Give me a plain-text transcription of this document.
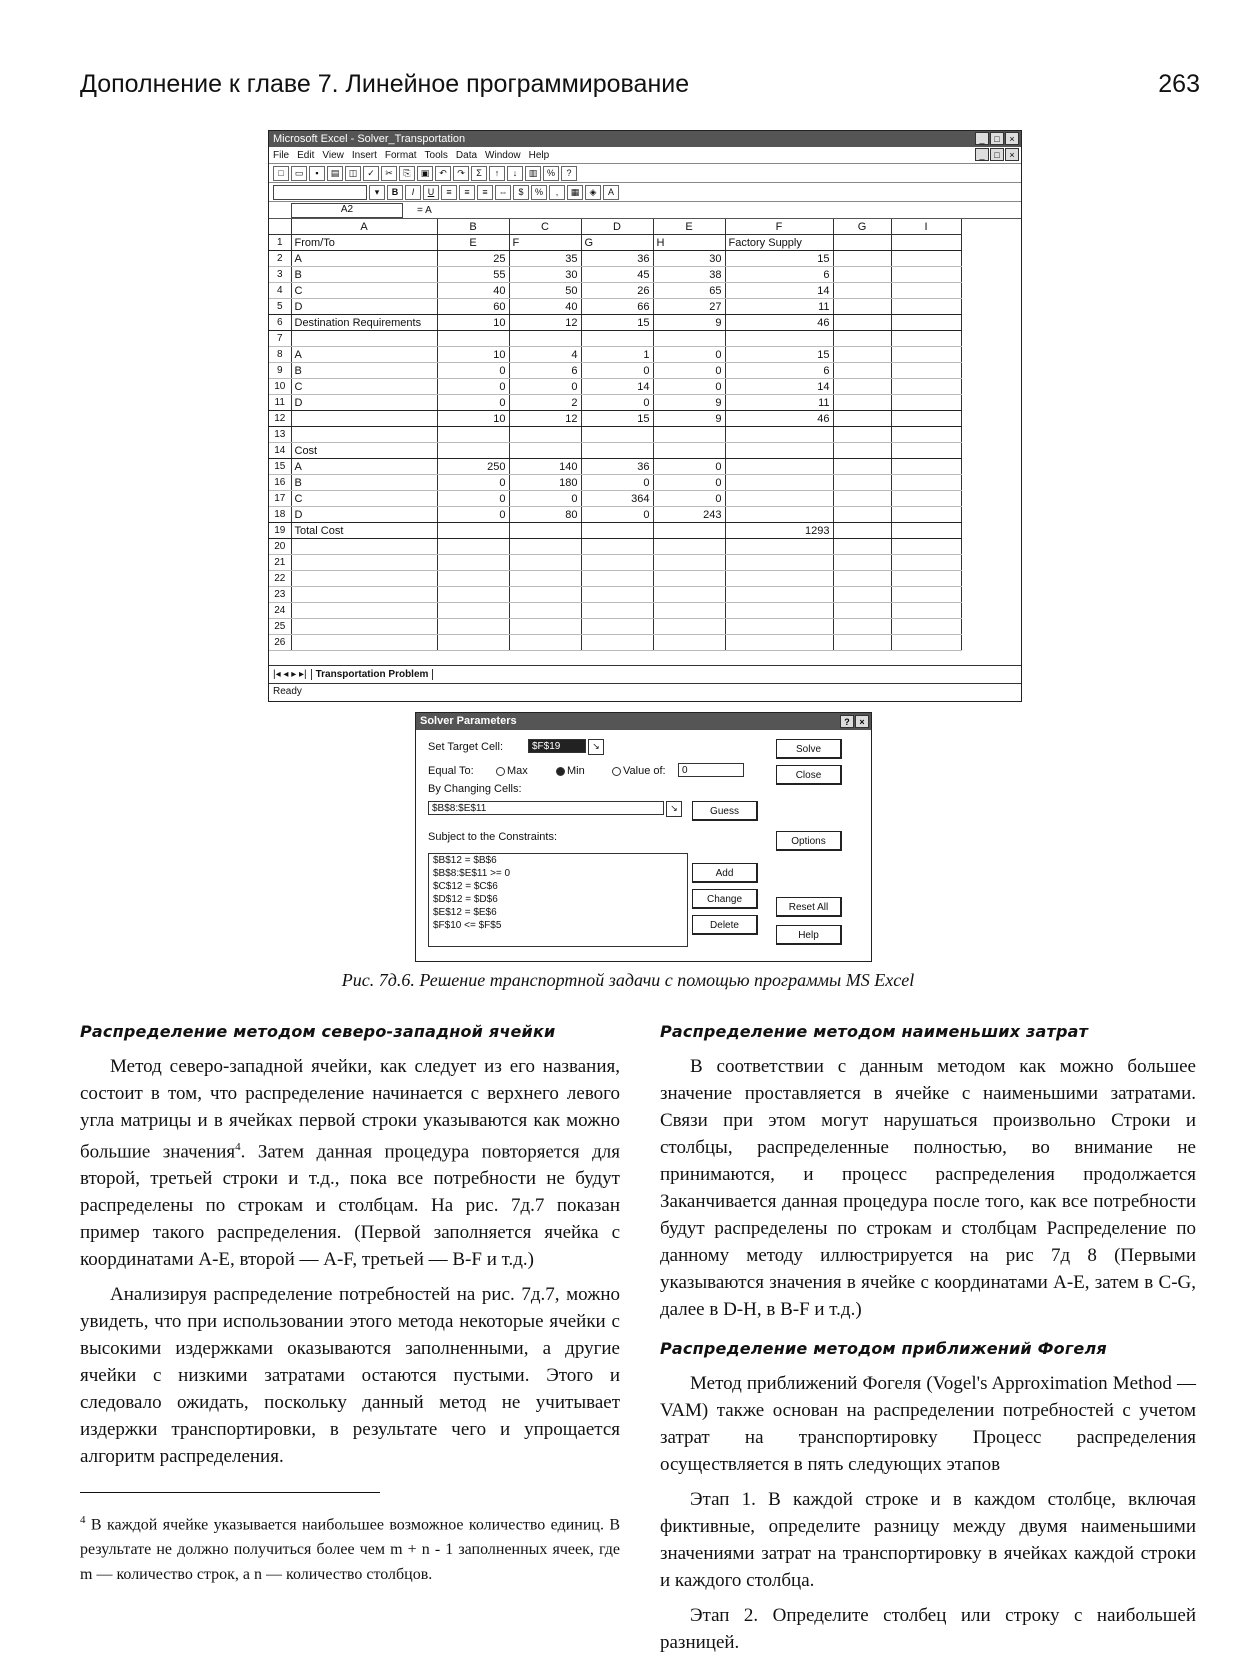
Дополнение к главе 7. Линейное программирование	263
Microsoft Excel - Solver_Transportation	_	□	×
File Edit View Insert Format Tools Data Window Help	_	□	×
□	▭	▪	▤	◫	✓	✂	⎘	▣	↶	↷	Σ	↑	↓	▥	%	?
▾	B	I	U	≡	≡	≡	⇔	$	%	,	▦	◈	A
A2	= A
	A	B	C	D	E	F	G	I
1	From/To	E	F	G	H	Factory Supply		
2	A	25	35	36	30	15		
3	B	55	30	45	38	6		
4	C	40	50	26	65	14		
5	D	60	40	66	27	11		
6	Destination Requirements	10	12	15	9	46		
7								
8	A	10	4	1	0	15		
9	B	0	6	0	0	6		
10	C	0	0	14	0	14		
11	D	0	2	0	9	11		
12		10	12	15	9	46		
13								
14	Cost							
15	A	250	140	36	0			
16	B	0	180	0	0			
17	C	0	0	364	0			
18	D	0	80	0	243			
19	Total Cost					1293		
20								
21								
22								
23								
24								
25								
26								
|◂ ◂ ▸ ▸| Transportation Problem
Ready
Solver Parameters	?	×
Set Target Cell:	$F$19	↘
Equal To:	Max	Min	Value of:	0
By Changing Cells:
$B$8:$E$11	↘
Subject to the Constraints:
$B$12 = $B$6
$B$8:$E$11 >= 0
$C$12 = $C$6
$D$12 = $D$6
$E$12 = $E$6
$F$10 <= $F$5
Solve
Close
Guess
Options
Add
Change
Delete
Reset All
Help
Рис. 7д.6. Решение транспортной задачи с помощью программы MS Excel
Распределение методом северо-западной ячейки

Метод северо-западной ячейки, как следует из его названия, состоит в том, что распределение начинается с верхнего левого угла матрицы и в ячейках первой строки указываются как можно большие значения$^4$. Затем данная процедура повторяется для второй, третьей строки и т.д., пока все потребности не будут распределены по строкам и столбцам. На рис. 7д.7 показан пример такого распределения. (Первой заполняется ячейка с координатами A-E, второй — A-F, третьей — B-F и т.д.)

Анализируя распределение потребностей на рис. 7д.7, можно увидеть, что при использовании этого метода некоторые ячейки с высокими издержками оказываются заполненными, а другие ячейки с низкими затратами остаются пустыми. Этого и следовало ожидать, поскольку данный метод не учитывает издержки транспортировки, в результате чего и упрощается алгоритм распределения.

Распределение методом наименьших затрат

В соответствии с данным методом как можно большее значение проставляется в ячейке с наименьшими затратами. Связи при этом могут нарушаться произвольно Строки и столбцы, распределенные полностью, во внимание не принимаются, и процесс распределения продолжается Заканчивается данная процедура после того, как все потребности будут распределены по строкам и столбцам Распределение по данному методу иллюстрируется на рис 7д 8 (Первыми указываются значения в ячейке с координатами A-E, затем в C-G, далее в D-H, в B-F и т.д.)

Распределение методом приближений Фогеля

Метод приближений Фогеля (Vogel's Approximation Method — VAM) также основан на распределении потребностей с учетом затрат на транспортировку Процесс распределения осуществляется в пять следующих этапов

Этап 1. В каждой строке и в каждом столбце, включая фиктивные, определите разницу между двумя наименьшими значениями затрат на транспортировку в ячейках каждой строки и каждого столбца.

Этап 2. Определите столбец или строку с наибольшей разницей.

$^4$ В каждой ячейке указывается наибольшее возможное количество единиц. В результате не должно получиться более чем m + n - 1 заполненных ячеек, где m — количество строк, а n — количество столбцов.
